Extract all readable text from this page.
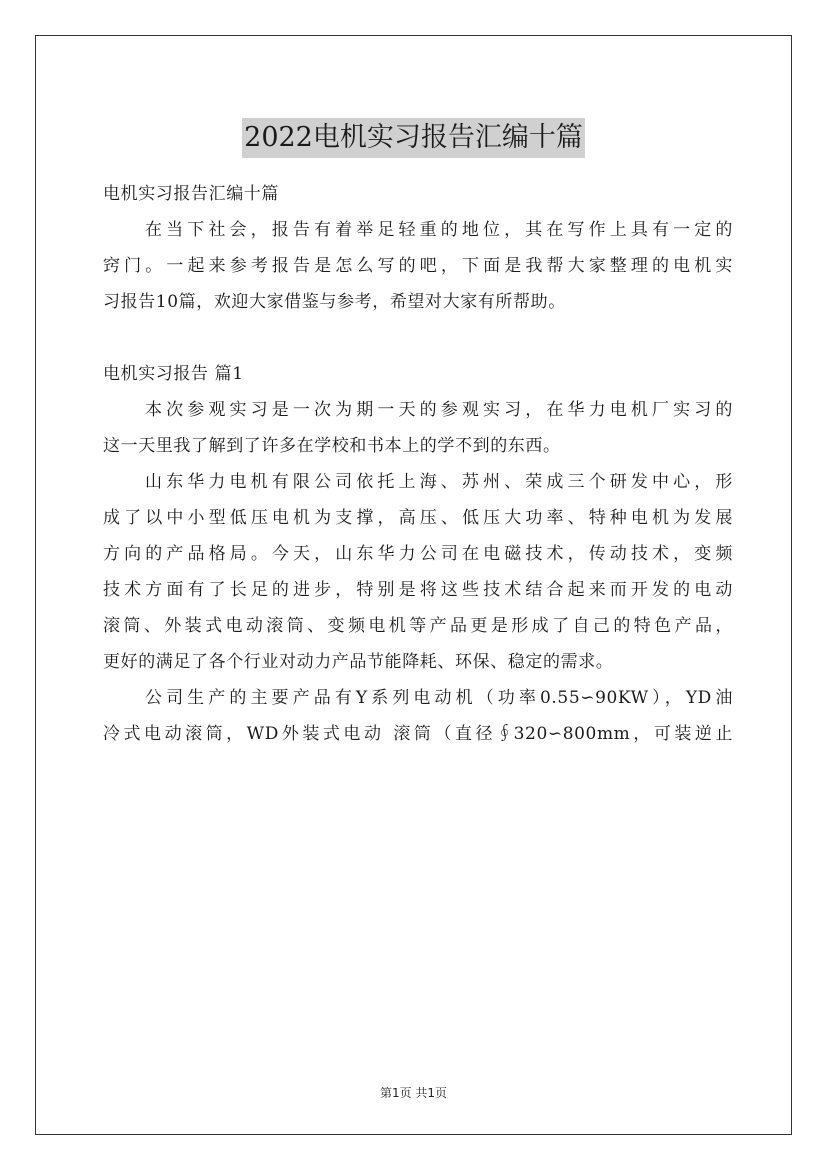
2022电机实习报告汇编十篇
电机实习报告汇编十篇
在当下社会，报告有着举足轻重的地位，其在写作上具有一定的
窍门。一起来参考报告是怎么写的吧，下面是我帮大家整理的电机实
习报告10篇，欢迎大家借鉴与参考，希望对大家有所帮助。
电机实习报告 篇1
本次参观实习是一次为期一天的参观实习，在华力电机厂实习的
这一天里我了解到了许多在学校和书本上的学不到的东西。
山东华力电机有限公司依托上海、苏州、荣成三个研发中心，形
成了以中小型低压电机为支撑，高压、低压大功率、特种电机为发展
方向的产品格局。今天，山东华力公司在电磁技术，传动技术，变频
技术方面有了长足的进步，特别是将这些技术结合起来而开发的电动
滚筒、外装式电动滚筒、变频电机等产品更是形成了自己的特色产品，
更好的满足了各个行业对动力产品节能降耗、环保、稳定的需求。
公司生产的主要产品有Y系列电动机（功率0.55∽90KW），YD油
冷式电动滚筒，WD外装式电动 滚筒（直径∮320∽800mm，可装逆止
第1页 共1页
